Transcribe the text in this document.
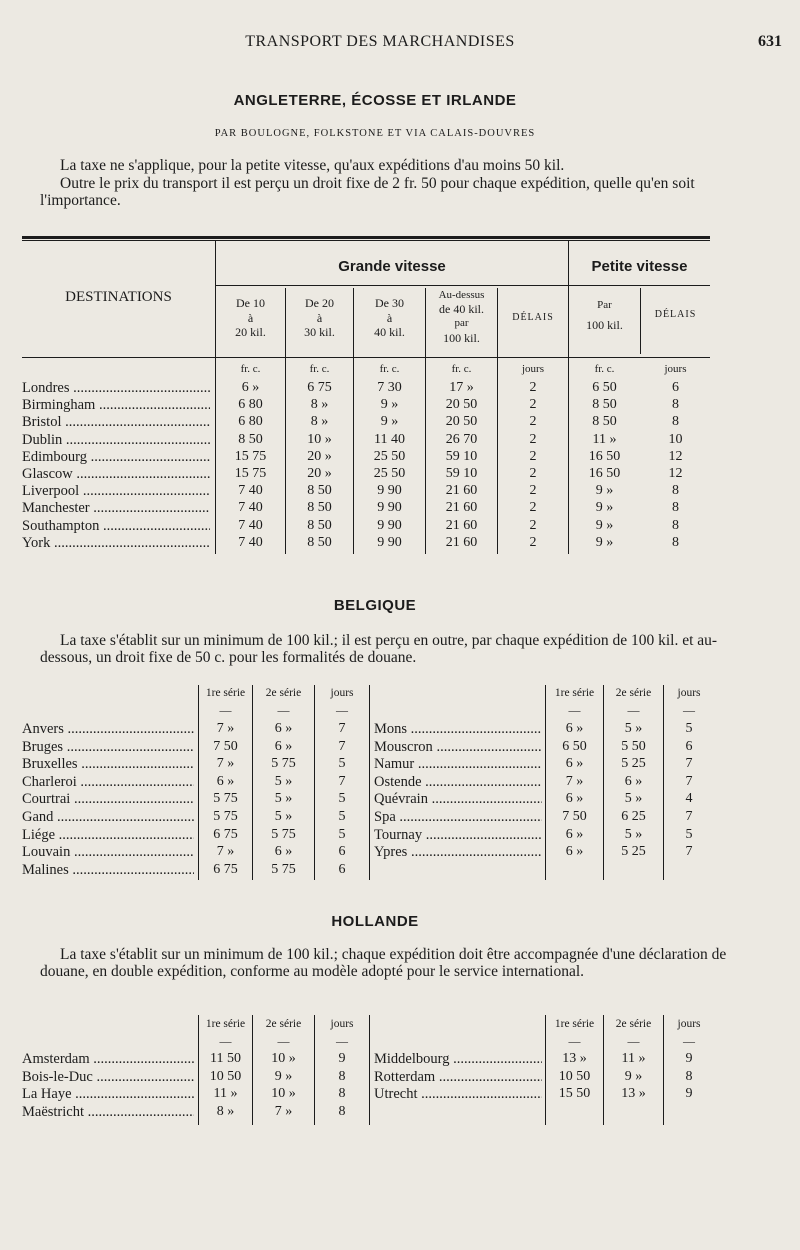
TRANSPORT DES MARCHANDISES	631
ANGLETERRE, ÉCOSSE ET IRLANDE
PAR BOULOGNE, FOLKSTONE ET VIA CALAIS-DOUVRES
La taxe ne s'applique, pour la petite vitesse, qu'aux expéditions d'au moins 50 kil.
Outre le prix du transport il est perçu un droit fixe de 2 fr. 50 pour chaque expédition, quelle qu'en soit l'importance.
DESTINATIONS
Grande vitesse	Petite vitesse
De 10
à
20 kil.
De 20
à
30 kil.
De 30
à
40 kil.
Au-dessus
de 40 kil.
par
100 kil.
DÉLAIS
Par
100 kil.
DÉLAIS
fr. c.	fr. c.	fr. c.	fr. c.	jours	fr. c.	jours
Londres .....	6 »	6 75	7 30	17 »	2	6 50	6
Birmingham .....	6 80	8 »	9 »	20 50	2	8 50	8
Bristol .....	6 80	8 »	9 »	20 50	2	8 50	8
Dublin .....	8 50	10 »	11 40	26 70	2	11 »	10
Edimbourg .....	15 75	20 »	25 50	59 10	2	16 50	12
Glascow .....	15 75	20 »	25 50	59 10	2	16 50	12
Liverpool .....	7 40	8 50	9 90	21 60	2	9 »	8
Manchester .....	7 40	8 50	9 90	21 60	2	9 »	8
Southampton .....	7 40	8 50	9 90	21 60	2	9 »	8
York .....	7 40	8 50	9 90	21 60	2	9 »	8
BELGIQUE
La taxe s'établit sur un minimum de 100 kil.; il est perçu en outre, par chaque expédition de 100 kil. et au-dessous, un droit fixe de 50 c. pour les formalités de douane.
1re série
—
2e série
—
jours
—
1re série
—
2e série
—
jours
—
Anvers .....	7 »	6 »	7
Bruges .....	7 50	6 »	7
Bruxelles .....	7 »	5 75	5
Charleroi .....	6 »	5 »	7
Courtrai .....	5 75	5 »	5
Gand .....	5 75	5 »	5
Liége .....	6 75	5 75	5
Louvain .....	7 »	6 »	6
Malines .....	6 75	5 75	6
Mons .....	6 »	5 »	5
Mouscron .....	6 50	5 50	6
Namur .....	6 »	5 25	7
Ostende .....	7 »	6 »	7
Quévrain .....	6 »	5 »	4
Spa .....	7 50	6 25	7
Tournay .....	6 »	5 »	5
Ypres .....	6 »	5 25	7
HOLLANDE
La taxe s'établit sur un minimum de 100 kil.; chaque expédition doit être accompagnée d'une déclaration de douane, en double expédition, conforme au modèle adopté pour le service international.
1re série
—
2e série
—
jours
—
1re série
—
2e série
—
jours
—
Amsterdam .....	11 50	10 »	9
Bois-le-Duc .....	10 50	9 »	8
La Haye .....	11 »	10 »	8
Maëstricht .....	8 »	7 »	8
Middelbourg .....	13 »	11 »	9
Rotterdam .....	10 50	9 »	8
Utrecht .....	15 50	13 »	9
